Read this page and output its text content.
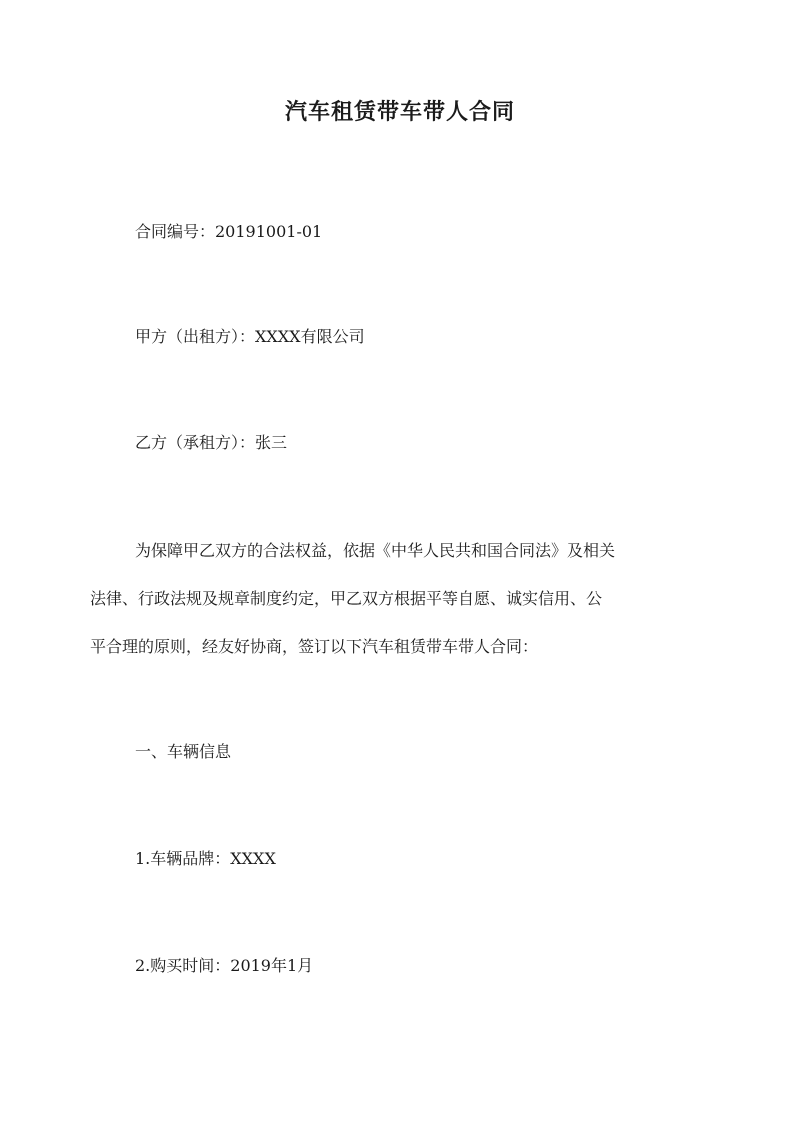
汽车租赁带车带人合同
合同编号：20191001-01
甲方（出租方）：XXXX有限公司
乙方（承租方）：张三
为保障甲乙双方的合法权益，依据《中华人民共和国合同法》及相关
法律、行政法规及规章制度约定，甲乙双方根据平等自愿、诚实信用、公
平合理的原则，经友好协商，签订以下汽车租赁带车带人合同：
一、车辆信息
1.车辆品牌：XXXX
2.购买时间：2019年1月
